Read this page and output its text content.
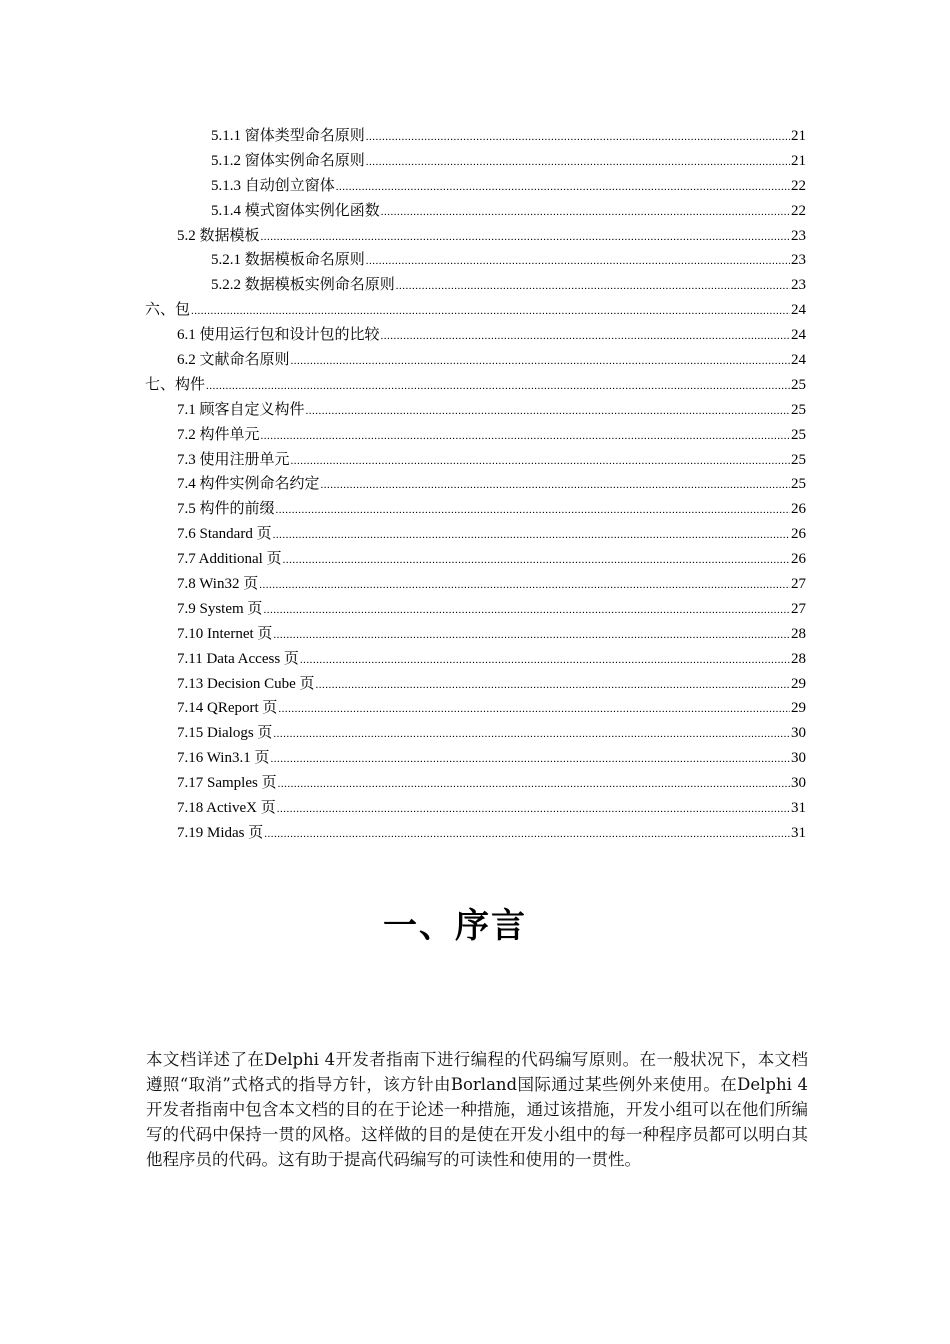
5.1.1 窗体类型命名原则 .....	21
5.1.2 窗体实例命名原则 .....	21
5.1.3 自动创立窗体 .....	22
5.1.4 模式窗体实例化函数 .....	22
5.2 数据模板 .....	23
5.2.1 数据模板命名原则 .....	23
5.2.2 数据模板实例命名原则 .....	23
六、包 .....	24
6.1 使用运行包和设计包的比较 .....	24
6.2 文献命名原则 .....	24
七、构件 .....	25
7.1 顾客自定义构件 .....	25
7.2 构件单元 .....	25
7.3 使用注册单元 .....	25
7.4 构件实例命名约定 .....	25
7.5 构件的前缀 .....	26
7.6 Standard 页 .....	26
7.7 Additional 页 .....	26
7.8 Win32 页 .....	27
7.9 System 页 .....	27
7.10 Internet 页 .....	28
7.11 Data Access 页 .....	28
7.13 Decision Cube 页 .....	29
7.14 QReport 页 .....	29
7.15 Dialogs 页 .....	30
7.16 Win3.1 页 .....	30
7.17 Samples 页 .....	30
7.18 ActiveX 页 .....	31
7.19 Midas 页 .....	31
一、序言

本文档详述了在Delphi 4开发者指南下进行编程的代码编写原则。在一般状况下，本文档遵照“取消”式格式的指导方针，该方针由Borland国际通过某些例外来使用。在Delphi 4开发者指南中包含本文档的目的在于论述一种措施，通过该措施，开发小组可以在他们所编写的代码中保持一贯的风格。这样做的目的是使在开发小组中的每一种程序员都可以明白其他程序员的代码。这有助于提高代码编写的可读性和使用的一贯性。
